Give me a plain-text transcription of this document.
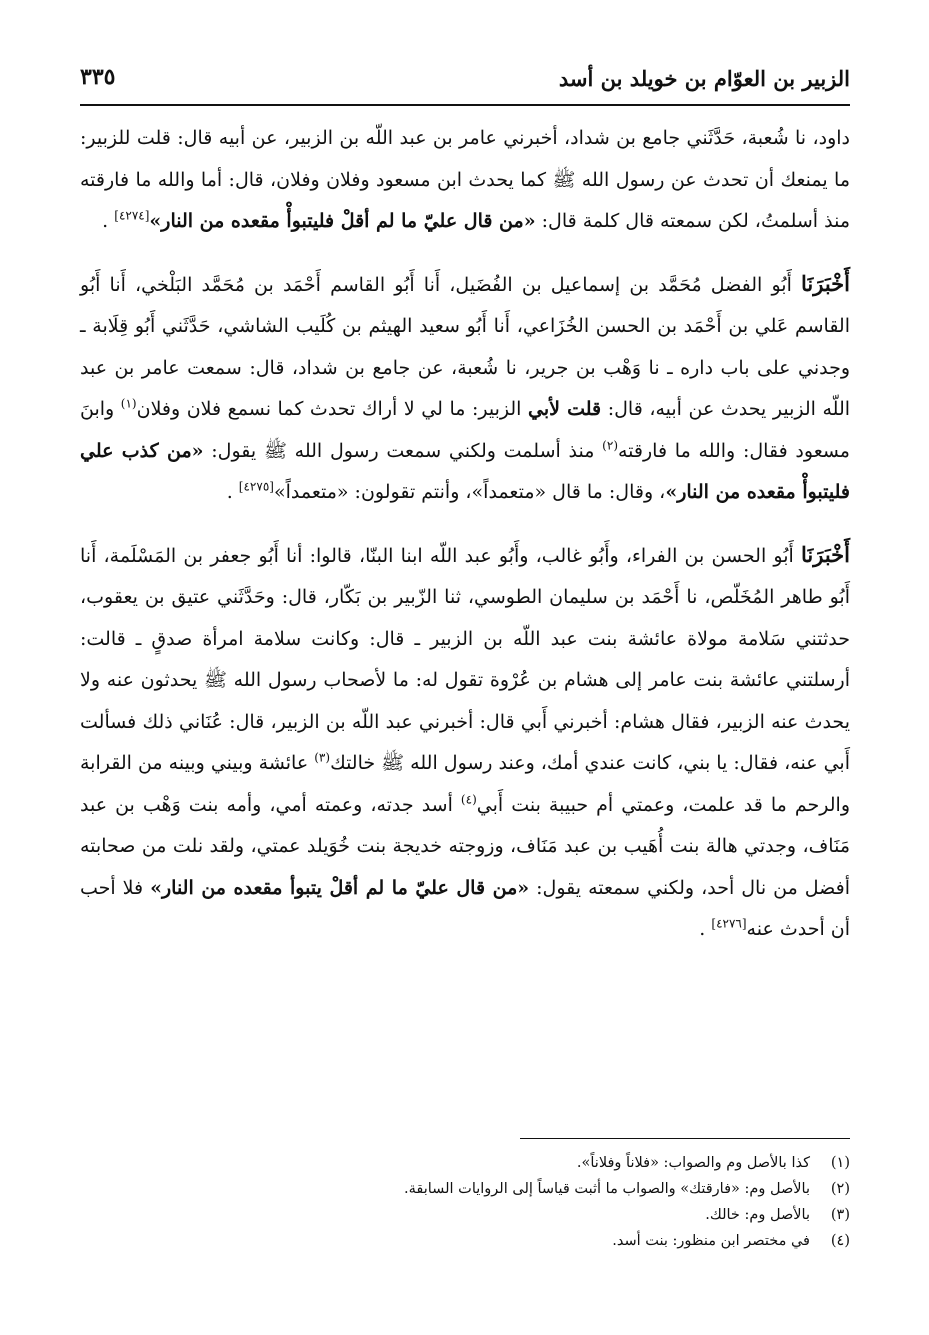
الزبير بن العوّام بن خويلد بن أسد
٣٣٥

داود، نا شُعبة، حَدَّثَني جامع بن شداد، أخبرني عامر بن عبد اللّه بن الزبير، عن أبيه قال: قلت للزبير: ما يمنعك أن تحدث عن رسول الله ﷺ كما يحدث ابن مسعود وفلان وفلان، قال: أما والله ما فارقته منذ أسلمتُ، لكن سمعته قال كلمة قال: «من قال عليّ ما لم أقلْ فليتبوأْ مقعده من النار»[٤٢٧٤] .

أَخْبَرَنَا أَبُو الفضل مُحَمَّد بن إسماعيل بن الفُضَيل، أَنا أَبُو القاسم أَحْمَد بن مُحَمَّد البَلْخي، أَنا أَبُو القاسم عَلي بن أَحْمَد بن الحسن الخُزَاعي، أَنا أَبُو سعيد الهيثم بن كُلَيب الشاشي، حَدَّثَني أَبُو قِلَابة ـ وجدني على باب داره ـ نا وَهْب بن جرير، نا شُعبة، عن جامع بن شداد، قال: سمعت عامر بن عبد اللّه الزبير يحدث عن أبيه، قال: قلت لأبي الزبير: ما لي لا أراك تحدث كما نسمع فلان وفلان$^{(١)}$ وابنَ مسعود فقال: والله ما فارقته$^{(٢)}$ منذ أسلمت ولكني سمعت رسول الله ﷺ يقول: «من كذب علي فليتبوأْ مقعده من النار»، وقال: ما قال «متعمداً»، وأنتم تقولون: «متعمداً»[٤٢٧٥] .

أَخْبَرَنَا أَبُو الحسن بن الفراء، وأَبُو غالب، وأَبُو عبد اللّه ابنا البنّا، قالوا: أنا أَبُو جعفر بن المَسْلَمة، أَنا أَبُو طاهر المُخَلّص، نا أَحْمَد بن سليمان الطوسي، ثنا الزّبير بن بَكّار، قال: وحَدَّثَني عتيق بن يعقوب، حدثتني سَلامة مولاة عائشة بنت عبد اللّه بن الزبير ـ قال: وكانت سلامة امرأة صدقٍ ـ قالت: أرسلتني عائشة بنت عامر إلى هشام بن عُرْوة تقول له: ما لأصحاب رسول الله ﷺ يحدثون عنه ولا يحدث عنه الزبير، فقال هشام: أخبرني أَبي قال: أخبرني عبد اللّه بن الزبير، قال: عُنَاني ذلك فسألت أَبي عنه، فقال: يا بني، كانت عندي أمك، وعند رسول الله ﷺ خالتك$^{(٣)}$ عائشة وبيني وبينه من القرابة والرحم ما قد علمت، وعمتي أم حبيبة بنت أَبي$^{(٤)}$ أسد جدته، وعمته أمي، وأمه بنت وَهْب بن عبد مَنَاف، وجدتي هالة بنت أُهَيب بن عبد مَنَاف، وزوجته خديجة بنت خُوَيلد عمتي، ولقد نلت من صحابته أفضل من نال أحد، ولكني سمعته يقول: «من قال عليّ ما لم أقلْ يتبوأ مقعده من النار» فلا أحب أن أحدث عنه[٤٢٧٦] .

(١)كذا بالأصل وم والصواب: «فلاناً وفلاناً».

(٢)بالأصل وم: «فارقتك» والصواب ما أثبت قياساً إلى الروايات السابقة.

(٣)بالأصل وم: خالك.

(٤)في مختصر ابن منظور: بنت أسد.
